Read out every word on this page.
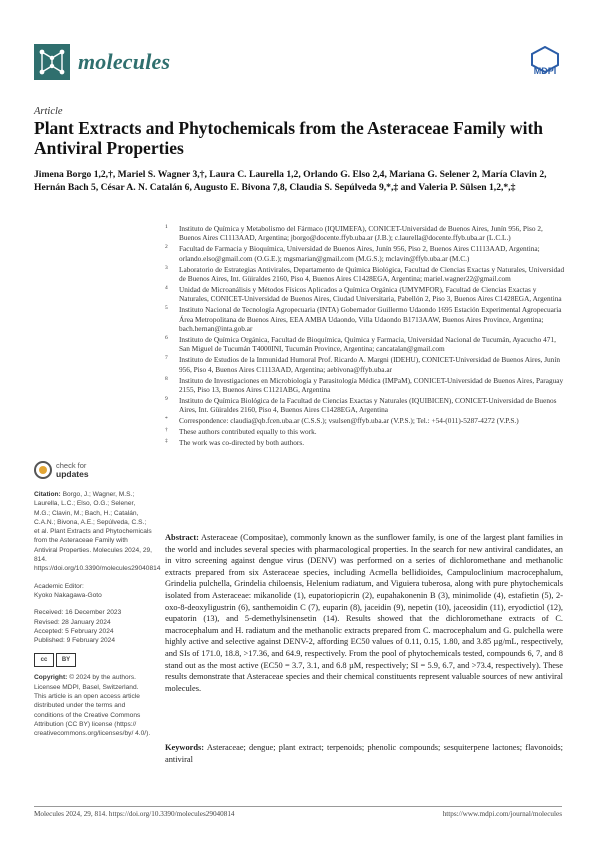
molecules	MDPI
Article
Plant Extracts and Phytochemicals from the Asteraceae Family with Antiviral Properties
Jimena Borgo 1,2,†, Mariel S. Wagner 3,†, Laura C. Laurella 1,2, Orlando G. Elso 2,4, Mariana G. Selener 2, María Clavin 2, Hernán Bach 5, César A. N. Catalán 6, Augusto E. Bivona 7,8, Claudia S. Sepúlveda 9,*,‡ and Valeria P. Sülsen 1,2,*,‡
1 Instituto de Química y Metabolismo del Fármaco (IQUIMEFA), CONICET-Universidad de Buenos Aires, Junín 956, Piso 2, Buenos Aires C1113AAD, Argentina; jborgo@docente.ffyb.uba.ar (J.B.); c.laurella@docente.ffyb.uba.ar (L.C.L.)
2 Facultad de Farmacia y Bioquímica, Universidad de Buenos Aires, Junín 956, Piso 2, Buenos Aires C1113AAD, Argentina; orlando.elso@gmail.com (O.G.E.); mgsmarian@gmail.com (M.G.S.); mclavin@ffyb.uba.ar (M.C.)
3 Laboratorio de Estrategias Antivirales, Departamento de Química Biológica, Facultad de Ciencias Exactas y Naturales, Universidad de Buenos Aires, Int. Güiraldes 2160, Piso 4, Buenos Aires C1428EGA, Argentina; mariel.wagner22@gmail.com
4 Unidad de Microanálisis y Métodos Físicos Aplicados a Química Orgánica (UMYMFOR), Facultad de Ciencias Exactas y Naturales, CONICET-Universidad de Buenos Aires, Ciudad Universitaria, Pabellón 2, Piso 3, Buenos Aires C1428EGA, Argentina
5 Instituto Nacional de Tecnología Agropecuaria (INTA) Gobernador Guillermo Udaondo 1695 Estación Experimental Agropecuaria Área Metropolitana de Buenos Aires, EEA AMBA Udaondo, Villa Udaondo B1713AAW, Buenos Aires Province, Argentina; bach.hernan@inta.gob.ar
6 Instituto de Química Orgánica, Facultad de Bioquímica, Química y Farmacia, Universidad Nacional de Tucumán, Ayacucho 471, San Miguel de Tucumán T4000INI, Tucumán Province, Argentina; cancatalan@gmail.com
7 Instituto de Estudios de la Inmunidad Humoral Prof. Ricardo A. Margni (IDEHU), CONICET-Universidad de Buenos Aires, Junín 956, Piso 4, Buenos Aires C1113AAD, Argentina; aebivona@ffyb.uba.ar
8 Instituto de Investigaciones en Microbiología y Parasitología Médica (IMPaM), CONICET-Universidad de Buenos Aires, Paraguay 2155, Piso 13, Buenos Aires C1121ABG, Argentina
9 Instituto de Química Biológica de la Facultad de Ciencias Exactas y Naturales (IQUIBICEN), CONICET-Universidad de Buenos Aires, Int. Güiraldes 2160, Piso 4, Buenos Aires C1428EGA, Argentina
* Correspondence: claudia@qb.fcen.uba.ar (C.S.S.); vsulsen@ffyb.uba.ar (V.P.S.); Tel.: +54-(011)-5287-4272 (V.P.S.)
† These authors contributed equally to this work.
‡ The work was co-directed by both authors.
check for
updates
Citation: Borgo, J.; Wagner, M.S.; Laurella, L.C.; Elso, O.G.; Selener, M.G.; Clavin, M.; Bach, H.; Catalán, C.A.N.; Bivona, A.E.; Sepúlveda, C.S.; et al. Plant Extracts and Phytochemicals from the Asteraceae Family with Antiviral Properties. Molecules 2024, 29, 814. https://doi.org/10.3390/molecules29040814
Academic Editor:
Kyoko Nakagawa-Goto
Received: 16 December 2023
Revised: 28 January 2024
Accepted: 5 February 2024
Published: 9 February 2024
cc	BY
Copyright: © 2024 by the authors. Licensee MDPI, Basel, Switzerland. This article is an open access article distributed under the terms and conditions of the Creative Commons Attribution (CC BY) license (https:// creativecommons.org/licenses/by/ 4.0/).
Abstract: Asteraceae (Compositae), commonly known as the sunflower family, is one of the largest plant families in the world and includes several species with pharmacological properties. In the search for new antiviral candidates, an in vitro screening against dengue virus (DENV) was performed on a series of dichloromethane and methanolic extracts prepared from six Asteraceae species, including Acmella bellidioides, Campuloclinium macrocephalum, Grindelia pulchella, Grindelia chiloensis, Helenium radiatum, and Viguiera tuberosa, along with pure phytochemicals isolated from Asteraceae: mikanolide (1), eupatoriopicrin (2), eupahakonenin B (3), minimolide (4), estafietin (5), 2-oxo-8-deoxyligustrin (6), santhemoidin C (7), euparin (8), jaceidin (9), nepetin (10), jaceosidin (11), eryodictiol (12), eupatorin (13), and 5-demethylsinensetin (14). Results showed that the dichloromethane extracts of C. macrocephalum and H. radiatum and the methanolic extracts prepared from C. macrocephalum and G. pulchella were highly active and selective against DENV-2, affording EC50 values of 0.11, 0.15, 1.80, and 3.85 µg/mL, respectively, and SIs of 171.0, 18.8, >17.36, and 64.9, respectively. From the pool of phytochemicals tested, compounds 6, 7, and 8 stand out as the most active (EC50 = 3.7, 3.1, and 6.8 µM, respectively; SI = 5.9, 6.7, and >73.4, respectively). These results demonstrate that Asteraceae species and their chemical constituents represent valuable sources of new antiviral molecules.
Keywords: Asteraceae; dengue; plant extract; terpenoids; phenolic compounds; sesquiterpene lactones; flavonoids; antiviral
Molecules 2024, 29, 814. https://doi.org/10.3390/molecules29040814	https://www.mdpi.com/journal/molecules
